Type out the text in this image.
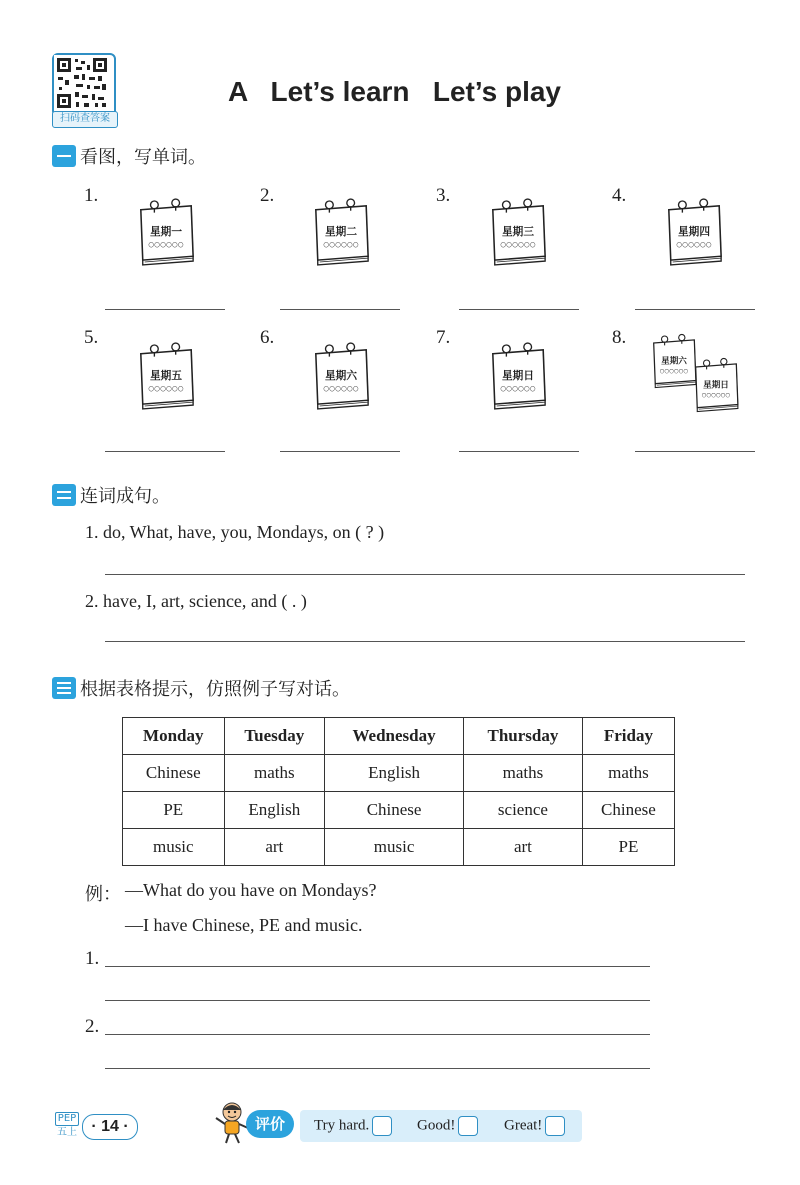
扫码查答案
A   Let’s learn   Let’s play
看图，写单词。
1.
星期一
○○○○○○
2.
星期二
○○○○○○
3.
星期三
○○○○○○
4.
星期四
○○○○○○
5.
星期五
○○○○○○
6.
星期六
○○○○○○
7.
星期日
○○○○○○
8.
星期六
○○○○○○
星期日
○○○○○○
连词成句。
1. do, What, have, you, Mondays, on ( ? )
2. have, I, art, science, and ( . )
根据表格提示，仿照例子写对话。
Monday	Tuesday	Wednesday	Thursday	Friday
Chinese	maths	English	maths	maths
PE	English	Chinese	science	Chinese
music	art	music	art	PE
例： —What do you have on Mondays?
—I have Chinese, PE and music.
1.
2.
PEP
五上 · 14 ·	评价	Try hard.	Good!	Great!
